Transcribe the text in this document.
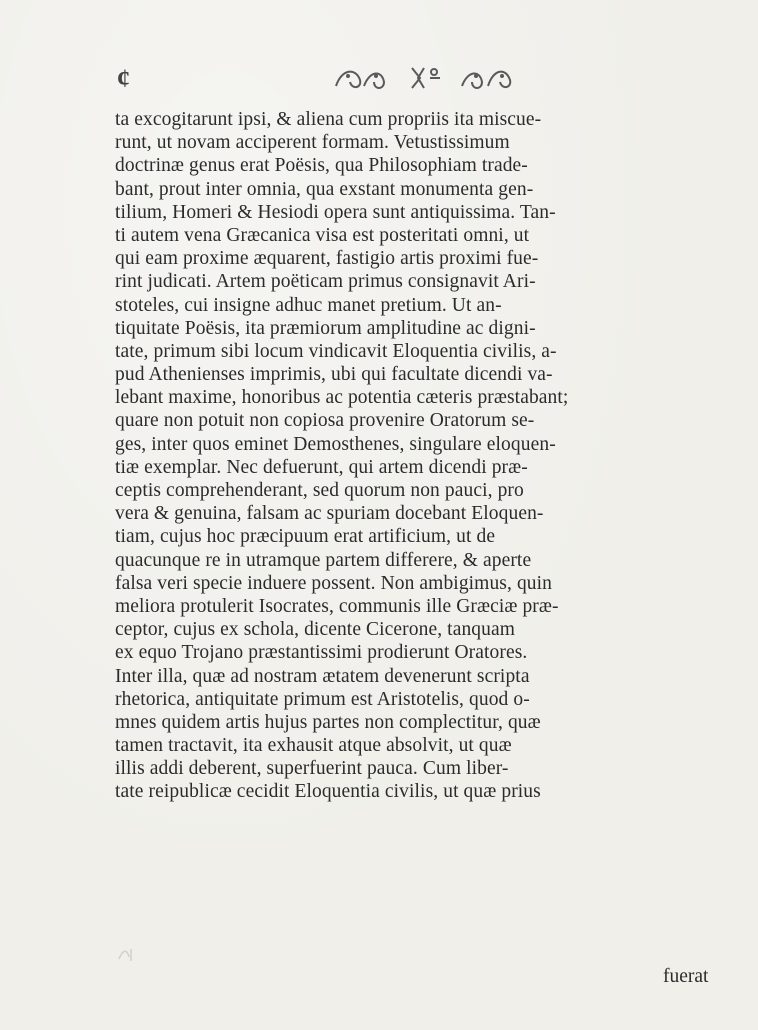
¢
ta excogitarunt ipsi, & aliena cum propriis ita miscue-
runt, ut novam acciperent formam. Vetustissimum
doctrinæ genus erat Poësis, qua Philosophiam trade-
bant, prout inter omnia, qua exstant monumenta gen-
tilium, Homeri & Hesiodi opera sunt antiquissima. Tan-
ti autem vena Græcanica visa est posteritati omni, ut
qui eam proxime æquarent, fastigio artis proximi fue-
rint judicati. Artem poëticam primus consignavit Ari-
stoteles, cui insigne adhuc manet pretium. Ut an-
tiquitate Poësis, ita præmiorum amplitudine ac digni-
tate, primum sibi locum vindicavit Eloquentia civilis, a-
pud Athenienses imprimis, ubi qui facultate dicendi va-
lebant maxime, honoribus ac potentia cæteris præstabant;
quare non potuit non copiosa provenire Oratorum se-
ges, inter quos eminet Demosthenes, singulare eloquen-
tiæ exemplar. Nec defuerunt, qui artem dicendi præ-
ceptis comprehenderant, sed quorum non pauci, pro
vera & genuina, falsam ac spuriam docebant Eloquen-
tiam, cujus hoc præcipuum erat artificium, ut de
quacunque re in utramque partem differere, & aperte
falsa veri specie induere possent. Non ambigimus, quin
meliora protulerit Isocrates, communis ille Græciæ præ-
ceptor, cujus ex schola, dicente Cicerone, tanquam
ex equo Trojano præstantissimi prodierunt Oratores.
Inter illa, quæ ad nostram ætatem devenerunt scripta
rhetorica, antiquitate primum est Aristotelis, quod o-
mnes quidem artis hujus partes non complectitur, quæ
tamen tractavit, ita exhausit atque absolvit, ut quæ
illis addi deberent, superfuerint pauca. Cum liber-
tate reipublicæ cecidit Eloquentia civilis, ut quæ prius
fuerat
